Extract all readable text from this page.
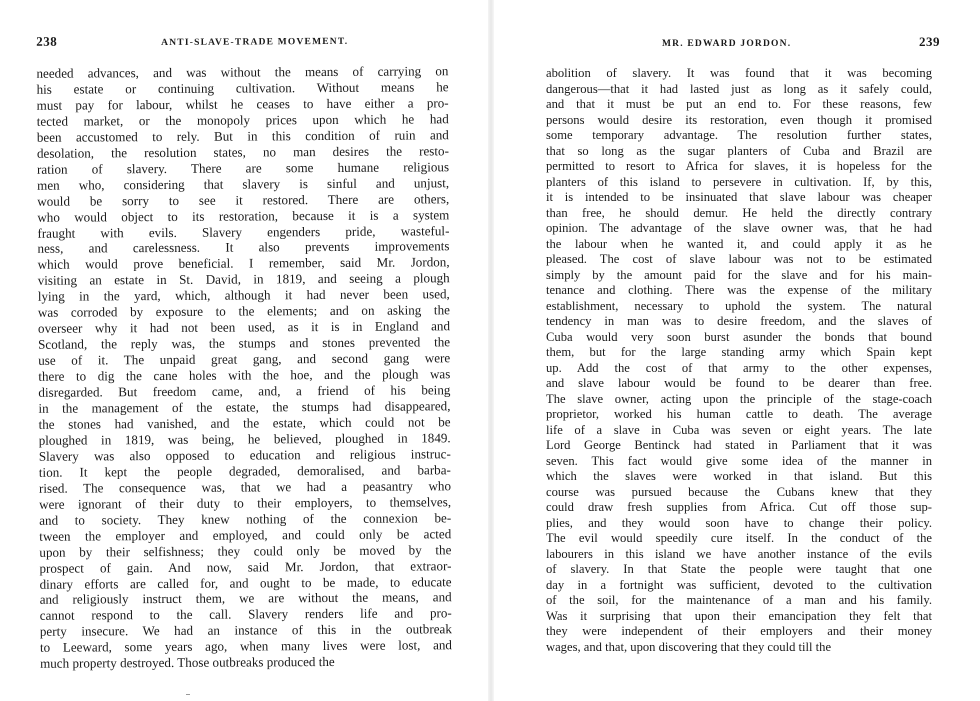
238	ANTI-SLAVE-TRADE MOVEMENT.

needed advances, and was without the means of carrying on

his estate or continuing cultivation. Without means he

must pay for labour, whilst he ceases to have either a pro-

tected market, or the monopoly prices upon which he had

been accustomed to rely. But in this condition of ruin and

desolation, the resolution states, no man desires the resto-

ration of slavery. There are some humane religious

men who, considering that slavery is sinful and unjust,

would be sorry to see it restored. There are others,

who would object to its restoration, because it is a system

fraught with evils. Slavery engenders pride, wasteful-

ness, and carelessness. It also prevents improvements

which would prove beneficial. I remember, said Mr. Jordon,

visiting an estate in St. David, in 1819, and seeing a plough

lying in the yard, which, although it had never been used,

was corroded by exposure to the elements; and on asking the

overseer why it had not been used, as it is in England and

Scotland, the reply was, the stumps and stones prevented the

use of it. The unpaid great gang, and second gang were

there to dig the cane holes with the hoe, and the plough was

disregarded. But freedom came, and, a friend of his being

in the management of the estate, the stumps had disappeared,

the stones had vanished, and the estate, which could not be

ploughed in 1819, was being, he believed, ploughed in 1849.

Slavery was also opposed to education and religious instruc-

tion. It kept the people degraded, demoralised, and barba-

rised. The consequence was, that we had a peasantry who

were ignorant of their duty to their employers, to themselves,

and to society. They knew nothing of the connexion be-

tween the employer and employed, and could only be acted

upon by their selfishness; they could only be moved by the

prospect of gain. And now, said Mr. Jordon, that extraor-

dinary efforts are called for, and ought to be made, to educate

and religiously instruct them, we are without the means, and

cannot respond to the call. Slavery renders life and pro-

perty insecure. We had an instance of this in the outbreak

to Leeward, some years ago, when many lives were lost, and

much property destroyed. Those outbreaks produced the

MR. EDWARD JORDON.	239

abolition of slavery. It was found that it was becoming

dangerous—that it had lasted just as long as it safely could,

and that it must be put an end to. For these reasons, few

persons would desire its restoration, even though it promised

some temporary advantage. The resolution further states,

that so long as the sugar planters of Cuba and Brazil are

permitted to resort to Africa for slaves, it is hopeless for the

planters of this island to persevere in cultivation. If, by this,

it is intended to be insinuated that slave labour was cheaper

than free, he should demur. He held the directly contrary

opinion. The advantage of the slave owner was, that he had

the labour when he wanted it, and could apply it as he

pleased. The cost of slave labour was not to be estimated

simply by the amount paid for the slave and for his main-

tenance and clothing. There was the expense of the military

establishment, necessary to uphold the system. The natural

tendency in man was to desire freedom, and the slaves of

Cuba would very soon burst asunder the bonds that bound

them, but for the large standing army which Spain kept

up. Add the cost of that army to the other expenses,

and slave labour would be found to be dearer than free.

The slave owner, acting upon the principle of the stage-coach

proprietor, worked his human cattle to death. The average

life of a slave in Cuba was seven or eight years. The late

Lord George Bentinck had stated in Parliament that it was

seven. This fact would give some idea of the manner in

which the slaves were worked in that island. But this

course was pursued because the Cubans knew that they

could draw fresh supplies from Africa. Cut off those sup-

plies, and they would soon have to change their policy.

The evil would speedily cure itself. In the conduct of the

labourers in this island we have another instance of the evils

of slavery. In that State the people were taught that one

day in a fortnight was sufficient, devoted to the cultivation

of the soil, for the maintenance of a man and his family.

Was it surprising that upon their emancipation they felt that

they were independent of their employers and their money

wages, and that, upon discovering that they could till the
